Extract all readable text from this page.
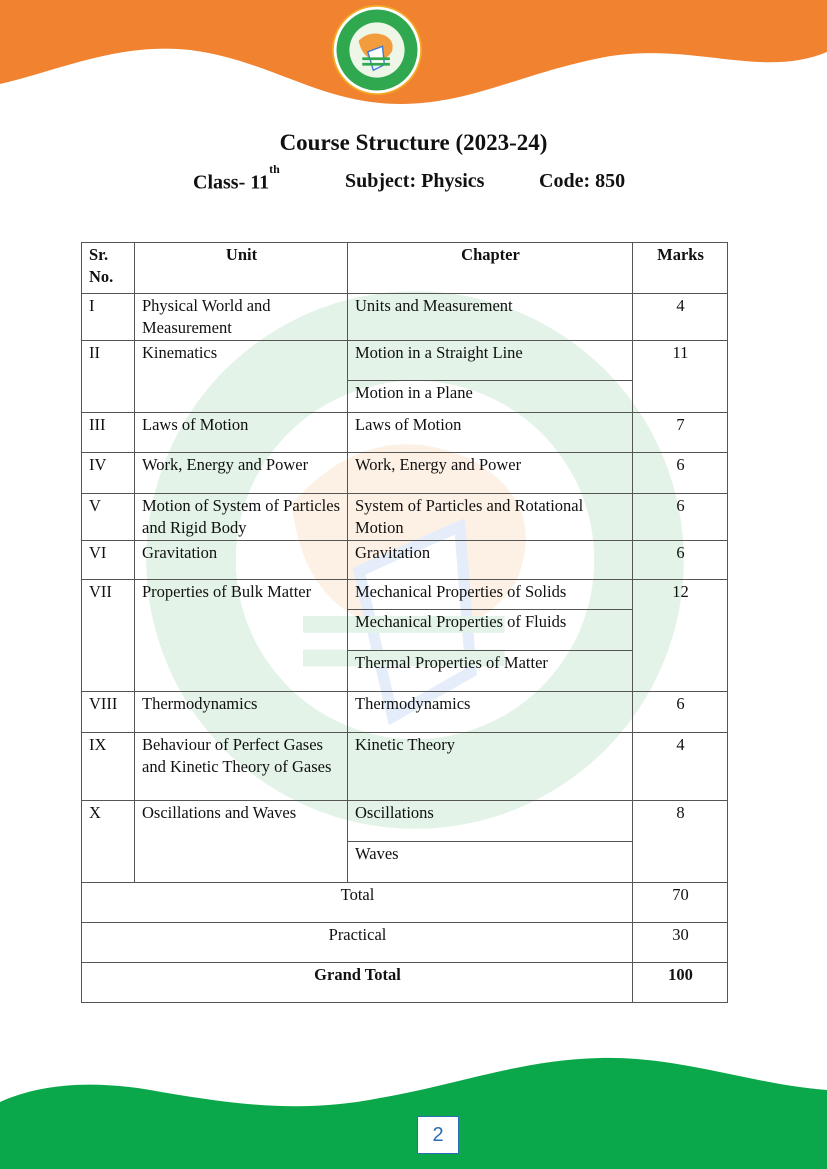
Course Structure (2023-24)
Class- 11th
Subject: Physics	Code: 850
Sr. No.	Unit	Chapter	Marks
I	Physical World and Measurement	Units and Measurement	4
II	Kinematics	Motion in a Straight Line	11
		Motion in a Plane	
III	Laws of Motion	Laws of Motion	7
IV	Work, Energy and Power	Work, Energy and Power	6
V	Motion of System of Particles and Rigid Body	System of Particles and Rotational Motion	6
VI	Gravitation	Gravitation	6
VII	Properties of Bulk Matter	Mechanical Properties of Solids	12
		Mechanical Properties of Fluids	
		Thermal Properties of Matter	
VIII	Thermodynamics	Thermodynamics	6
IX	Behaviour of Perfect Gases and Kinetic Theory of Gases	Kinetic Theory	4
X	Oscillations and Waves	Oscillations	8
		Waves	
Total			70
Practical			30
Grand Total			100
2
